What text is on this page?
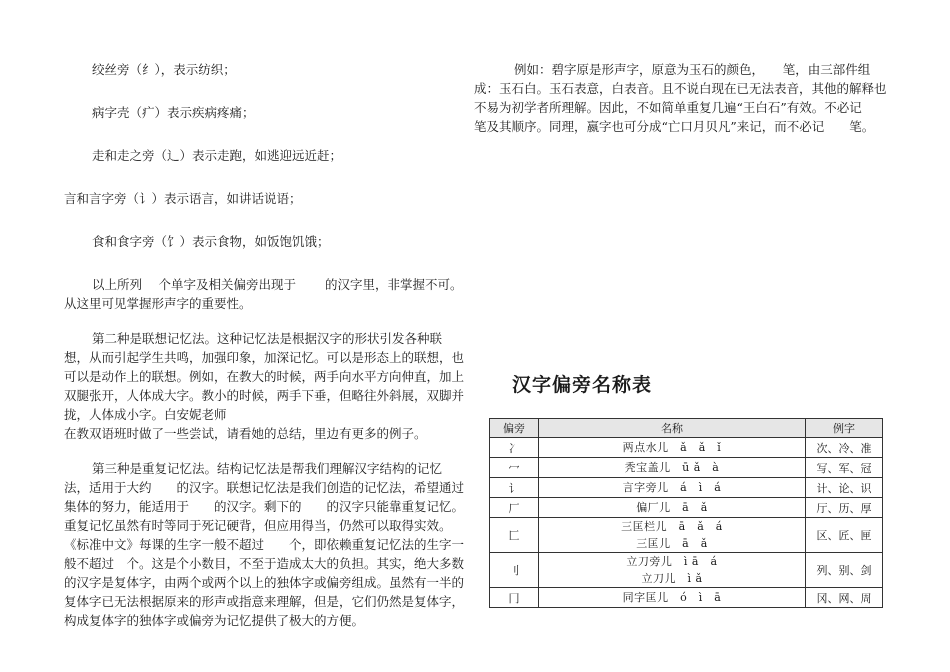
绞丝旁（纟），表示纺织；

病字壳（疒）表示疾病疼痛；

走和走之旁（辶）表示走跑，如逃迎远近赶；

言和言字旁（讠）表示语言，如讲话说语；

食和食字旁（饣）表示食物，如饭饱饥饿；

以上所列　 个单字及相关偏旁出现于　　 的汉字里，非掌握不可。从这里可见掌握形声字的重要性。

第二种是联想记忆法。这种记忆法是根据汉字的形状引发各种联想，从而引起学生共鸣，加强印象，加深记忆。可以是形态上的联想，也可以是动作上的联想。例如，在教大的时候，两手向水平方向伸直，加上双腿张开，人体成大字。教小的时候，两手下垂，但略往外斜展，双脚并拢，人体成小字。白安妮老师

在教双语班时做了一些尝试，请看她的总结，里边有更多的例子。

第三种是重复记忆法。结构记忆法是帮我们理解汉字结构的记忆法，适用于大约　　的汉字。联想记忆法是我们创造的记忆法，希望通过集体的努力，能适用于　　的汉字。剩下的　　的汉字只能靠重复记忆。重复记忆虽然有时等同于死记硬背，但应用得当，仍然可以取得实效。《标准中文》每课的生字一般不超过　　个，即依赖重复记忆法的生字一般不超过　个。这是个小数目，不至于造成太大的负担。其实，绝大多数的汉字是复体字，由两个或两个以上的独体字或偏旁组成。虽然有一半的复体字已无法根据原来的形声或指意来理解，但是，它们仍然是复体字，构成复体字的独体字或偏旁为记忆提供了极大的方便。

例如：碧字原是形声字，原意为玉石的颜色，　　笔，由三部件组成：玉石白。玉石表意，白表音。且不说白现在已无法表音，其他的解释也不易为初学者所理解。因此，不如简单重复几遍“王白石”有效。不必记　　笔及其顺序。同理，嬴字也可分成“亡口月贝凡”来记，而不必记　　笔。

汉字偏旁名称表
偏旁	名称	例字
冫	两点水儿　ǎ　ǎ　ǐ	次、冷、准
冖	秃宝盖儿　ū ǎ　à	写、军、冠
讠	言字旁儿　á　ì　á	计、论、识
厂	偏厂儿　ā　ǎ	厅、历、厚
匚	三匡栏儿　ā　ǎ　á
三匡儿　ā　ǎ	区、匠、匣
刂	立刀旁儿　ì ā　á
立刀儿　ì ǎ	列、别、剑
冂	同字匡儿　ó　ì　ā	冈、网、周
